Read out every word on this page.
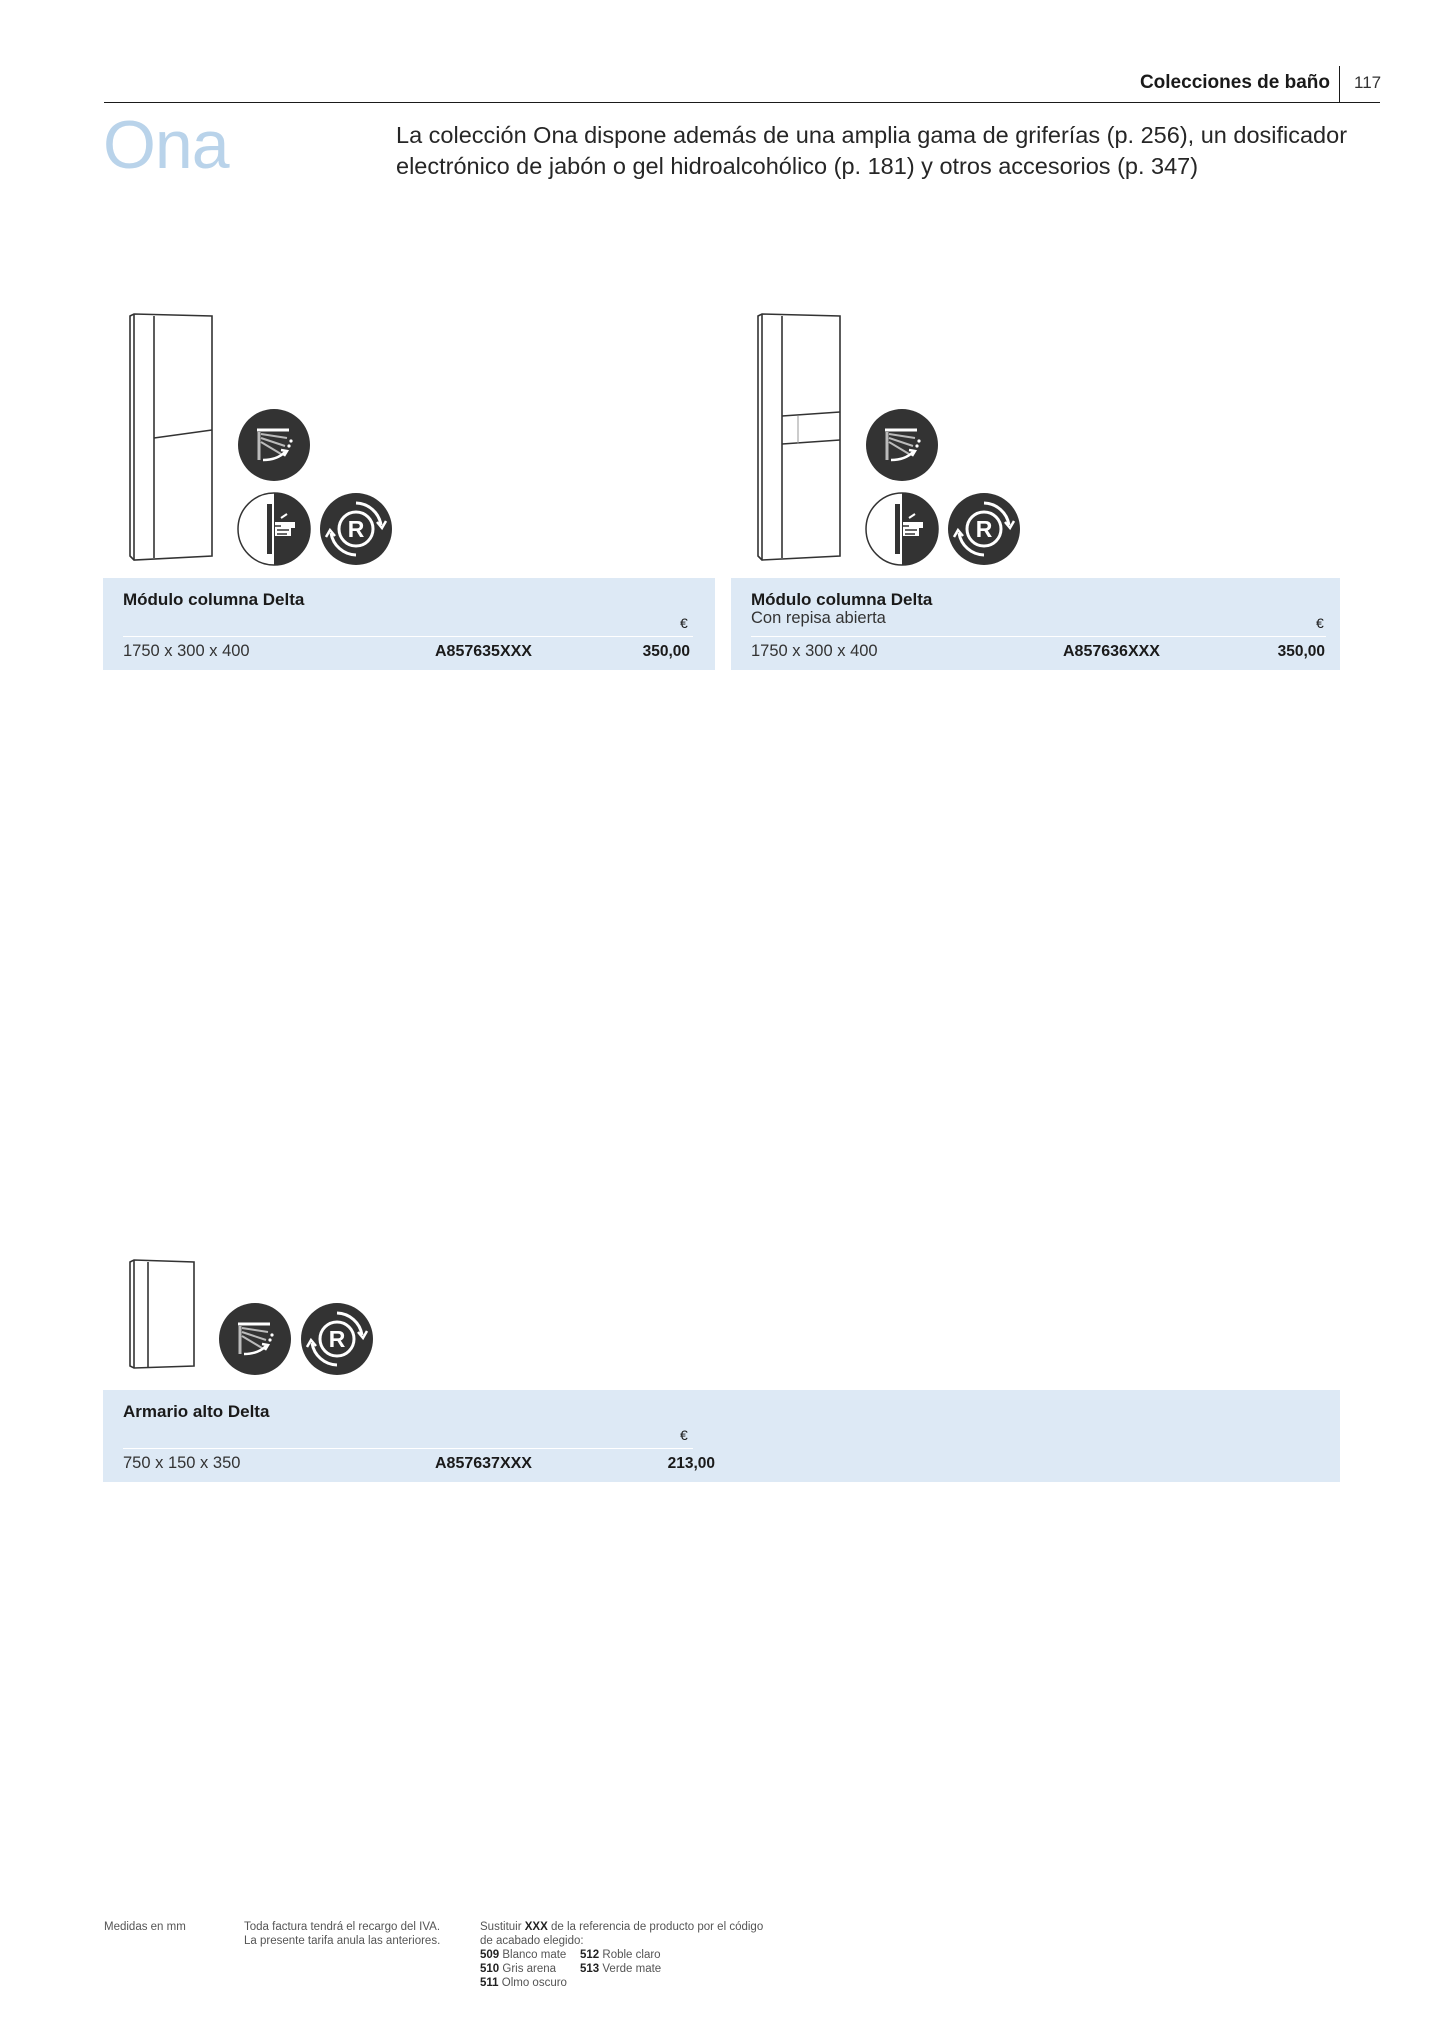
Colecciones de baño 117
Ona	La colección Ona dispone además de una amplia gama de griferías (p. 256), un dosificador electrónico de jabón o gel hidroalcohólico (p. 181) y otros accesorios (p. 347)
Módulo columna Delta
€
1750 x 300 x 400	A857635XXX	350,00
Módulo columna Delta
Con repisa abierta	€
1750 x 300 x 400	A857636XXX	350,00
Armario alto Delta
€
750 x 150 x 350	A857637XXX	213,00
Medidas en mm	Toda factura tendrá el recargo del IVA.
La presente tarifa anula las anteriores.
Sustituir XXX de la referencia de producto por el código
de acabado elegido:
509 Blanco mate 512 Roble claro
510 Gris arena 513 Verde mate
511 Olmo oscuro
